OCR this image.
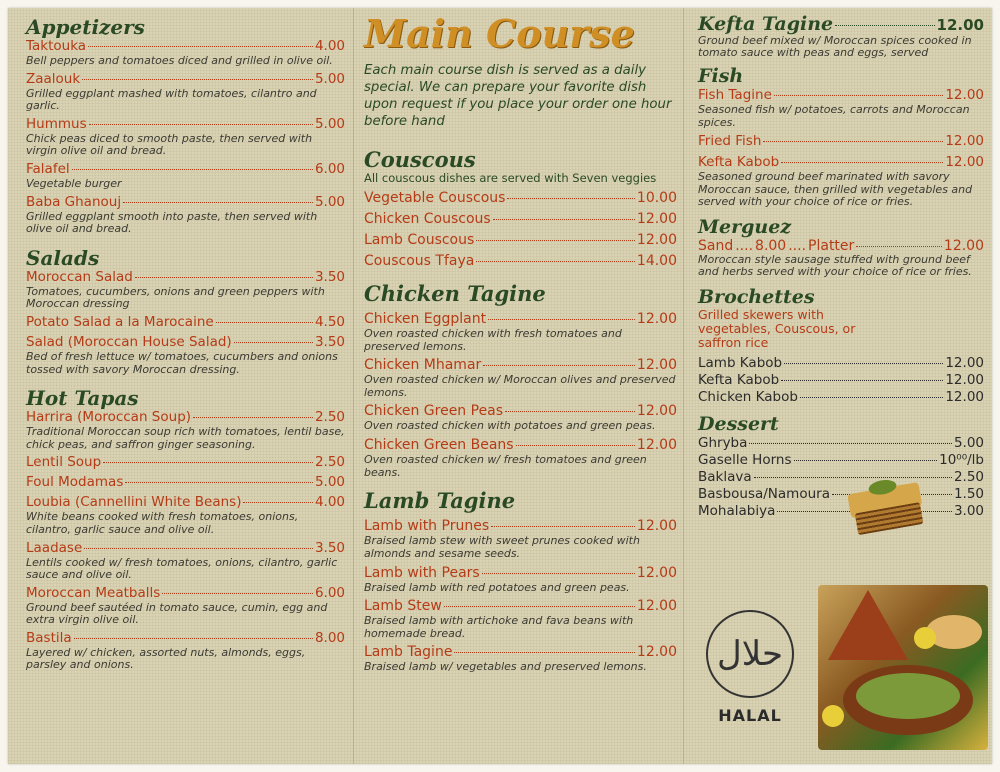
Appetizers
Taktouka	4.00
Bell peppers and tomatoes diced and grilled in olive oil.
Zaalouk	5.00
Grilled eggplant mashed with tomatoes, cilantro and garlic.
Hummus	5.00
Chick peas diced to smooth paste, then served with virgin olive oil and bread.
Falafel	6.00
Vegetable burger
Baba Ghanouj	5.00
Grilled eggplant smooth into paste, then served with olive oil and bread.
Salads
Moroccan Salad	3.50
Tomatoes, cucumbers, onions and green peppers with Moroccan dressing
Potato Salad a la Marocaine	4.50
Salad (Moroccan House Salad)	3.50
Bed of fresh lettuce w/ tomatoes, cucumbers and onions tossed with savory Moroccan dressing.
Hot Tapas
Harrira (Moroccan Soup)	2.50
Traditional Moroccan soup rich with tomatoes, lentil base, chick peas, and saffron ginger seasoning.
Lentil Soup	2.50
Foul Modamas	5.00
Loubia (Cannellini White Beans)	4.00
White beans cooked with fresh tomatoes, onions, cilantro, garlic sauce and olive oil.
Laadase	3.50
Lentils cooked w/ fresh tomatoes, onions, cilantro, garlic sauce and olive oil.
Moroccan Meatballs	6.00
Ground beef sautéed in tomato sauce, cumin, egg and extra virgin olive oil.
Bastila	8.00
Layered w/ chicken, assorted nuts, almonds, eggs, parsley and onions.
Main Course

Each main course dish is served as a daily special. We can prepare your favorite dish upon request if you place your order one hour before hand

Couscous

All couscous dishes are served with Seven veggies

Vegetable Couscous	10.00
Chicken Couscous	12.00
Lamb Couscous	12.00
Couscous Tfaya	14.00
Chicken Tagine
Chicken Eggplant	12.00
Oven roasted chicken with fresh tomatoes and preserved lemons.
Chicken Mhamar	12.00
Oven roasted chicken w/ Moroccan olives and preserved lemons.
Chicken Green Peas	12.00
Oven roasted chicken with potatoes and green peas.
Chicken Green Beans	12.00
Oven roasted chicken w/ fresh tomatoes and green beans.
Lamb Tagine
Lamb with Prunes	12.00
Braised lamb stew with sweet prunes cooked with almonds and sesame seeds.
Lamb with Pears	12.00
Braised lamb with red potatoes and green peas.
Lamb Stew	12.00
Braised lamb with artichoke and fava beans with homemade bread.
Lamb Tagine	12.00
Braised lamb w/ vegetables and preserved lemons.
Kefta Tagine	12.00
Ground beef mixed w/ Moroccan spices cooked in tomato sauce with peas and eggs, served
Fish
Fish Tagine	12.00
Seasoned fish w/ potatoes, carrots and Moroccan spices.
Fried Fish	12.00
Kefta Kabob	12.00
Seasoned ground beef marinated with savory Moroccan sauce, then grilled with vegetables and served with your choice of rice or fries.
Merguez
Sand .... 8.00 .... Platter	12.00
Moroccan style sausage stuffed with ground beef and herbs served with your choice of rice or fries.
Brochettes

Grilled skewers with vegetables, Couscous, or saffron rice

Lamb Kabob	12.00
Kefta Kabob	12.00
Chicken Kabob	12.00
Dessert
Ghryba	5.00
Gaselle Horns	10⁰⁰/lb
Baklava	2.50
Basbousa/Namoura	1.50
Mohalabiya	3.00
حلال
HALAL
